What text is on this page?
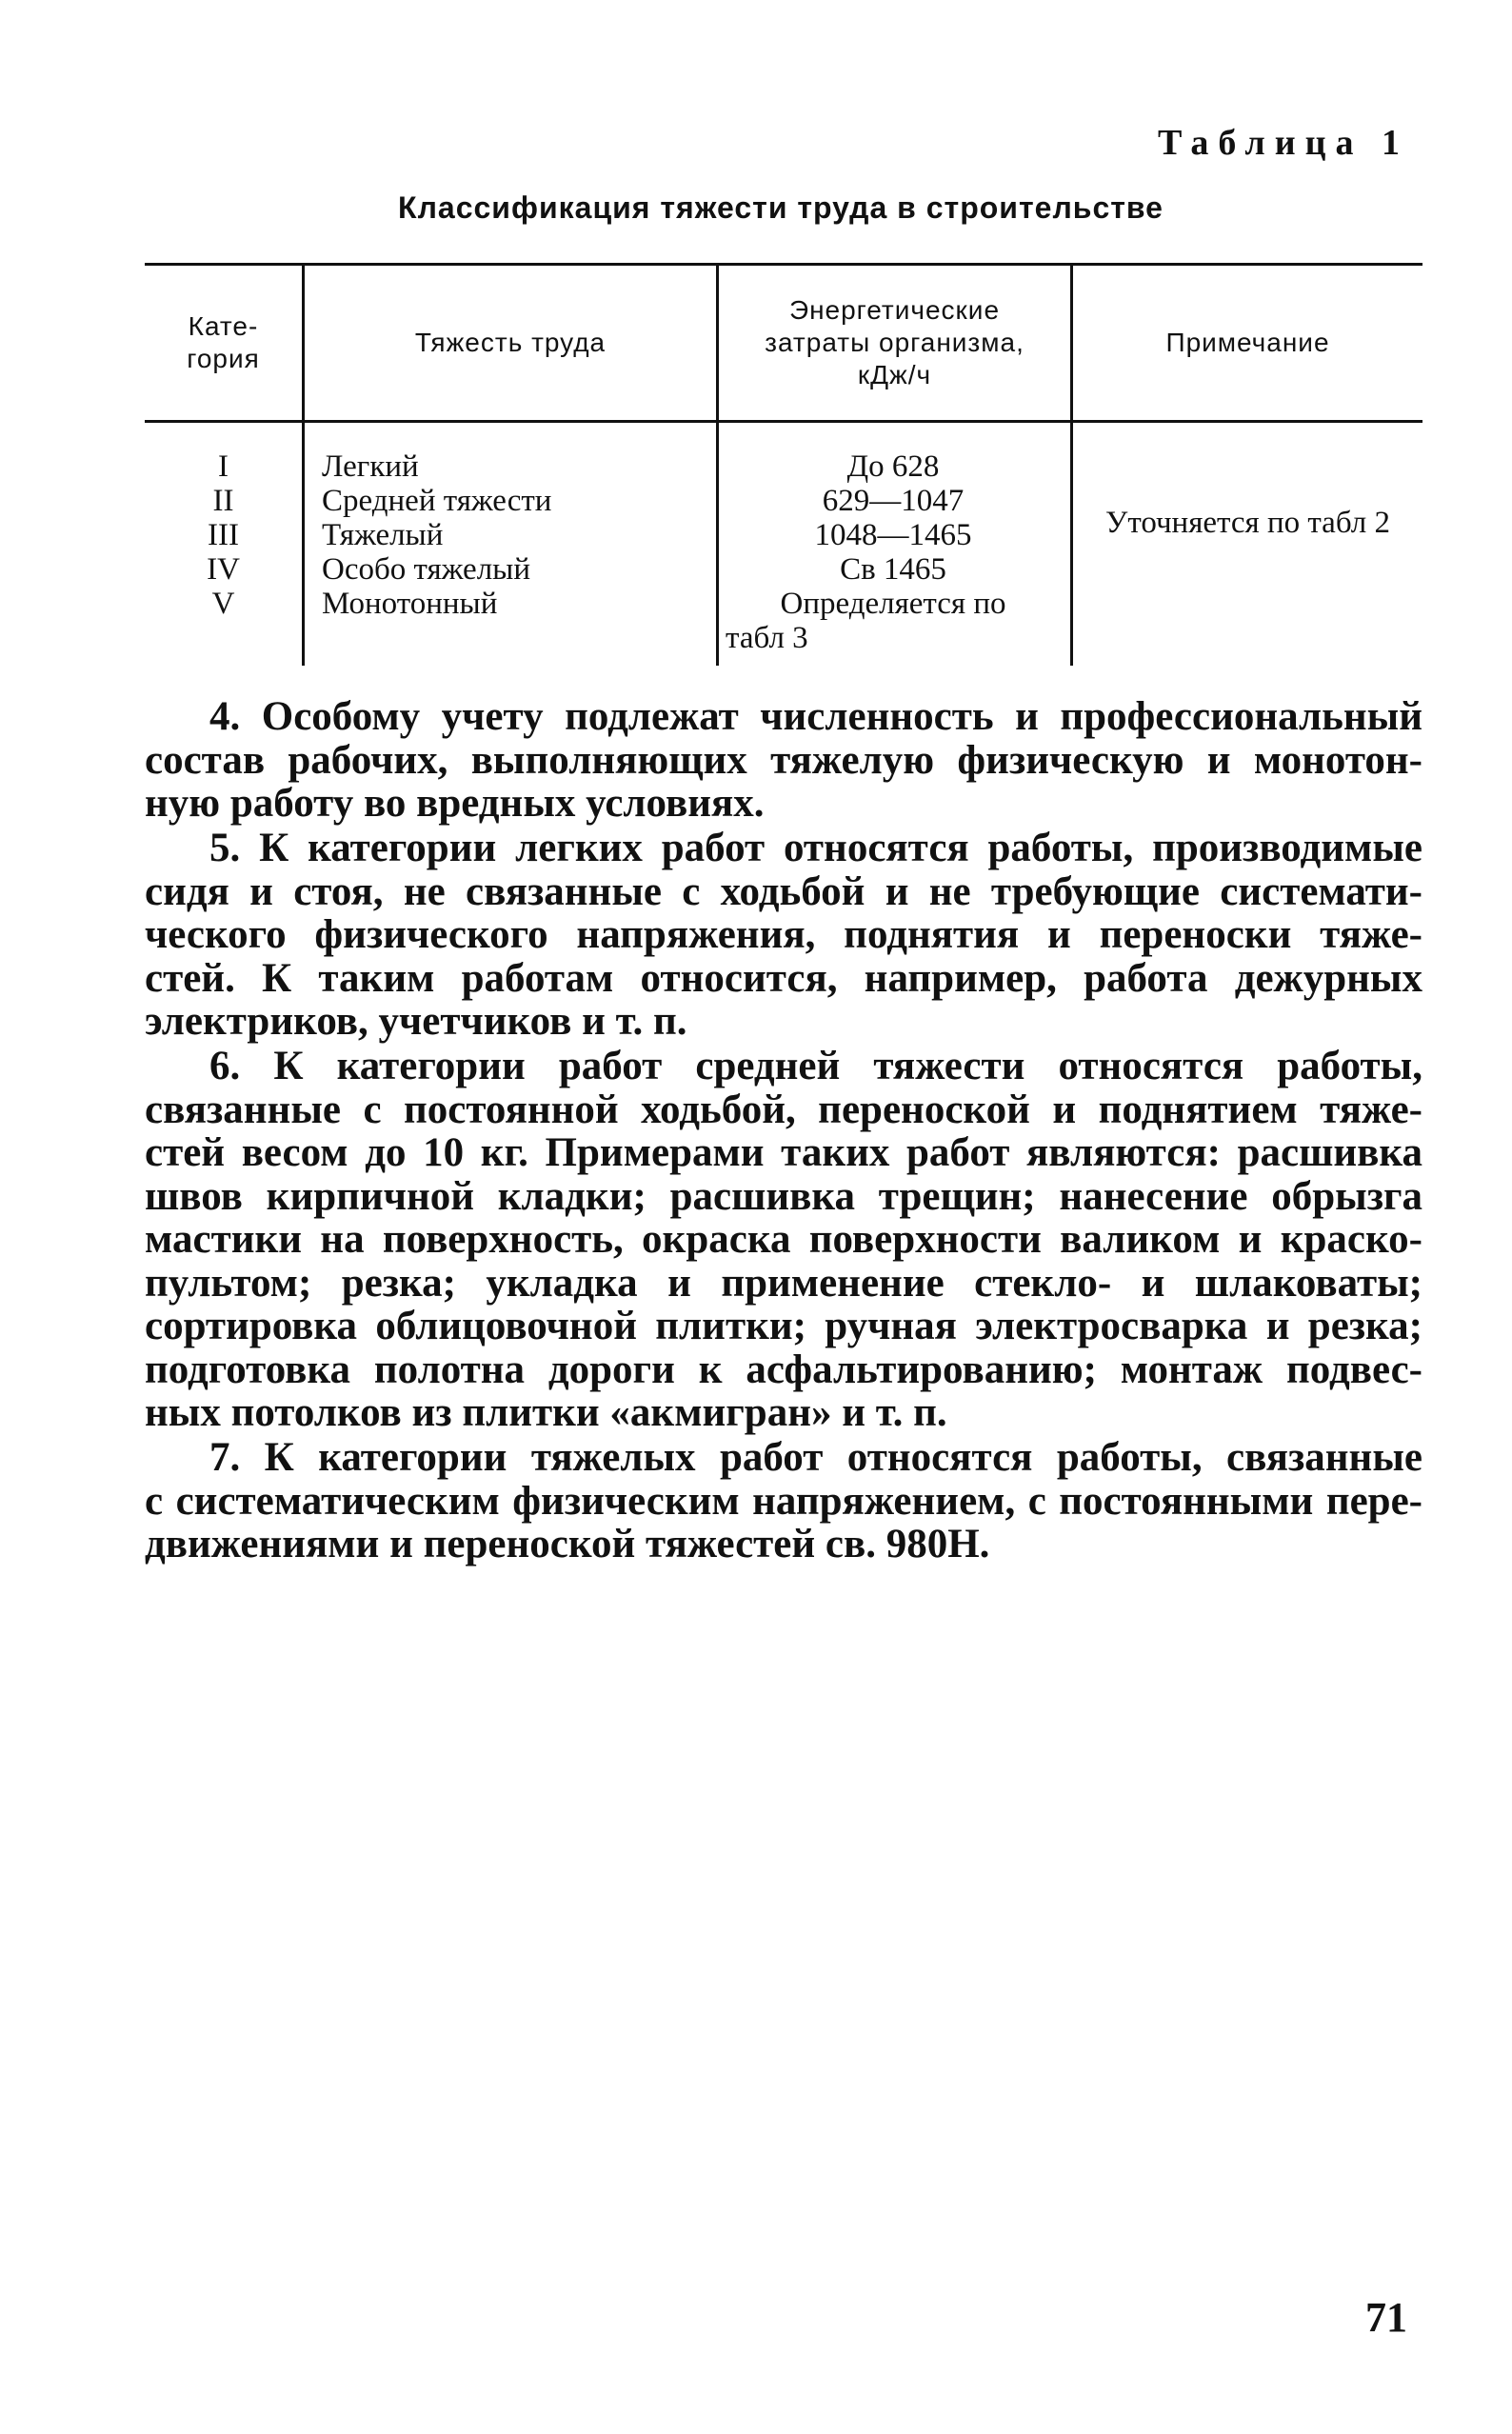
Таблица 1
Классификация тяжести труда в строительстве
Кате-
гория
Тяжесть труда
Энергетические
затраты организма,
кДж/ч
Примечание
I
II
III
IV
V
Легкий
Средней тяжести
Тяжелый
Особо тяжелый
Монотонный
До 628
629—1047
1048—1465
Св 1465
Определяется по
табл 3
Уточняется по табл 2
4. Особому учету подлежат численность и профессиональный
состав рабочих, выполняющих тяжелую физическую и монотон-
ную работу во вредных условиях.
5. К категории легких работ относятся работы, производимые
сидя и стоя, не связанные с ходьбой и не требующие системати-
ческого физического напряжения, поднятия и переноски тяже-
стей. К таким работам относится, например, работа дежурных
электриков, учетчиков и т. п.
6. К категории работ средней тяжести относятся работы,
связанные с постоянной ходьбой, переноской и поднятием тяже-
стей весом до 10 кг. Примерами таких работ являются: расшивка
швов кирпичной кладки; расшивка трещин; нанесение обрызга
мастики на поверхность, окраска поверхности валиком и краско-
пультом; резка; укладка и применение стекло- и шлаковаты;
сортировка облицовочной плитки; ручная электросварка и резка;
подготовка полотна дороги к асфальтированию; монтаж подвес-
ных потолков из плитки «акмигран» и т. п.
7. К категории тяжелых работ относятся работы, связанные
с систематическим физическим напряжением, с постоянными пере-
движениями и переноской тяжестей св. 980Н.
71
